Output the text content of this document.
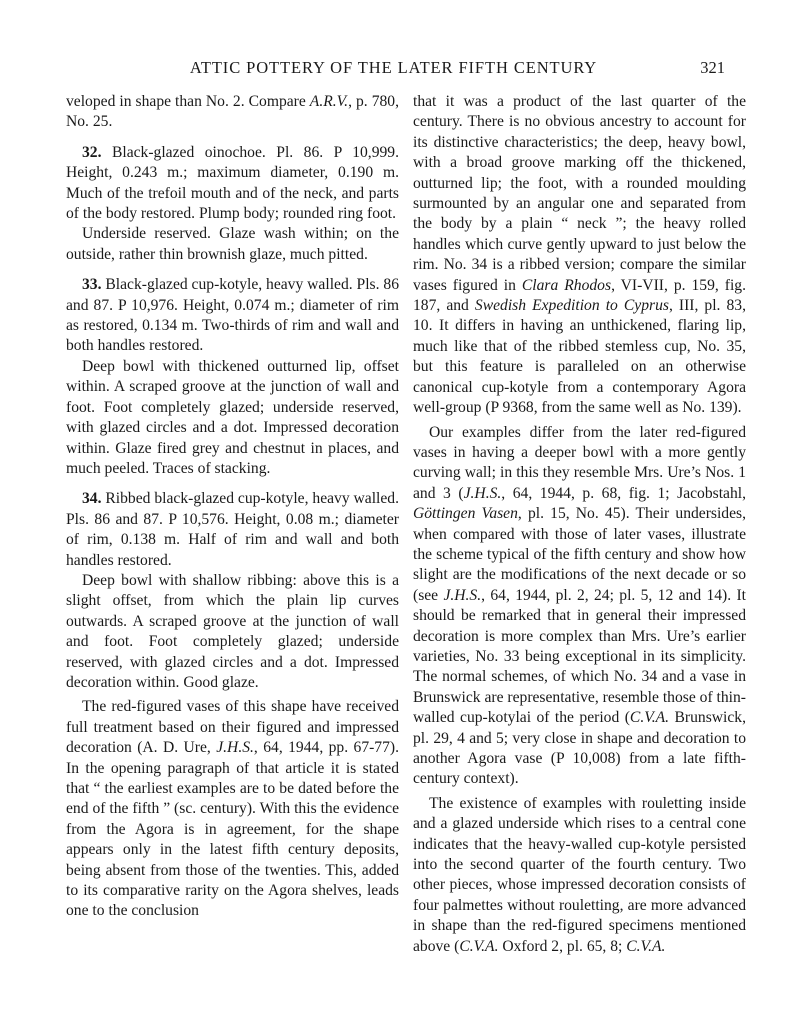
ATTIC POTTERY OF THE LATER FIFTH CENTURY	321

veloped in shape than No. 2. Compare A.R.V., p. 780, No. 25.

32. Black-glazed oinochoe. Pl. 86. P 10,999. Height, 0.243 m.; maximum diameter, 0.190 m. Much of the trefoil mouth and of the neck, and parts of the body restored. Plump body; rounded ring foot.

Underside reserved. Glaze wash within; on the outside, rather thin brownish glaze, much pitted.

33. Black-glazed cup-kotyle, heavy walled. Pls. 86 and 87. P 10,976. Height, 0.074 m.; diameter of rim as restored, 0.134 m. Two-thirds of rim and wall and both handles restored.

Deep bowl with thickened outturned lip, offset within. A scraped groove at the junction of wall and foot. Foot completely glazed; underside reserved, with glazed circles and a dot. Impressed decoration within. Glaze fired grey and chestnut in places, and much peeled. Traces of stacking.

34. Ribbed black-glazed cup-kotyle, heavy walled. Pls. 86 and 87. P 10,576. Height, 0.08 m.; diameter of rim, 0.138 m. Half of rim and wall and both handles restored.

Deep bowl with shallow ribbing: above this is a slight offset, from which the plain lip curves outwards. A scraped groove at the junction of wall and foot. Foot completely glazed; underside reserved, with glazed circles and a dot. Impressed decoration within. Good glaze.

The red-figured vases of this shape have received full treatment based on their figured and impressed decoration (A. D. Ure, J.H.S., 64, 1944, pp. 67-77). In the opening paragraph of that article it is stated that “ the earliest examples are to be dated before the end of the fifth ” (sc. century). With this the evidence from the Agora is in agreement, for the shape appears only in the latest fifth century deposits, being absent from those of the twenties. This, added to its comparative rarity on the Agora shelves, leads one to the conclusion

that it was a product of the last quarter of the century. There is no obvious ancestry to account for its distinctive characteristics; the deep, heavy bowl, with a broad groove marking off the thickened, outturned lip; the foot, with a rounded moulding surmounted by an angular one and separated from the body by a plain “ neck ”; the heavy rolled handles which curve gently upward to just below the rim. No. 34 is a ribbed version; compare the similar vases figured in Clara Rhodos, VI-VII, p. 159, fig. 187, and Swedish Expedition to Cyprus, III, pl. 83, 10. It differs in having an unthickened, flaring lip, much like that of the ribbed stemless cup, No. 35, but this feature is paralleled on an otherwise canonical cup-kotyle from a contemporary Agora well-group (P 9368, from the same well as No. 139).

Our examples differ from the later red-figured vases in having a deeper bowl with a more gently curving wall; in this they resemble Mrs. Ure’s Nos. 1 and 3 (J.H.S., 64, 1944, p. 68, fig. 1; Jacobstahl, Göttingen Vasen, pl. 15, No. 45). Their undersides, when compared with those of later vases, illustrate the scheme typical of the fifth century and show how slight are the modifications of the next decade or so (see J.H.S., 64, 1944, pl. 2, 24; pl. 5, 12 and 14). It should be remarked that in general their impressed decoration is more complex than Mrs. Ure’s earlier varieties, No. 33 being exceptional in its simplicity. The normal schemes, of which No. 34 and a vase in Brunswick are representative, resemble those of thin-walled cup-kotylai of the period (C.V.A. Brunswick, pl. 29, 4 and 5; very close in shape and decoration to another Agora vase (P 10,008) from a late fifth-century context).

The existence of examples with rouletting inside and a glazed underside which rises to a central cone indicates that the heavy-walled cup-kotyle persisted into the second quarter of the fourth century. Two other pieces, whose impressed decoration consists of four palmettes without rouletting, are more advanced in shape than the red-figured specimens mentioned above (C.V.A. Oxford 2, pl. 65, 8; C.V.A.
